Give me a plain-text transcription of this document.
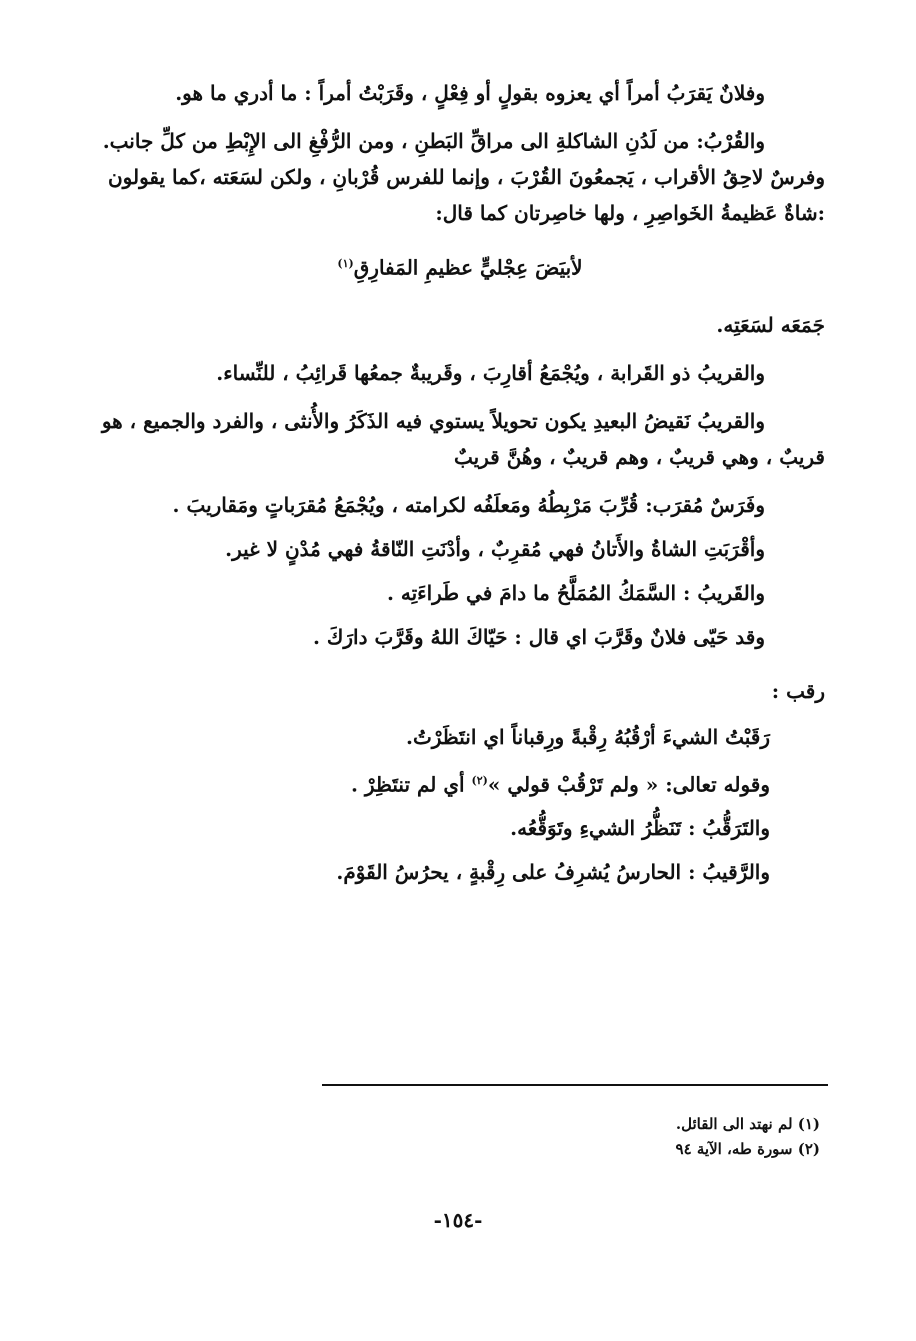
وفلانٌ يَقرَبُ أمراً أي يعزوه بقولٍ أو فِعْلٍ ، وقَرَبْتُ أمراً : ما أدري ما هو.

والقُرْبُ: من لَدُنِ الشاكلةِ الى مراقِّ البَطنِ ، ومن الرُّفْغِ الى الإِبْطِ من كلِّ جانب. وفرسٌ لاحِقُ الأقراب ، يَجمعُونَ القُرْبَ ، وإنما للفرس قُرْبانِ ، ولكن لسَعَته ،كما يقولون :شاةٌ عَظيمةُ الخَواصِرِ ، ولها خاصِرتان كما قال:

لأبيَضَ عِجْليٍّ عظيمِ المَفارِقِ$^{(١)}$

جَمَعَه لسَعَتِه.

والقريبُ ذو القَرابة ، ويُجْمَعُ أقارِبَ ، وقَريبةٌ جمعُها قَرائِبُ ، للنِّساء.

والقريبُ نَقيضُ البعيدِ يكون تحويلاً يستوي فيه الذَكَرُ والأُنثى ، والفرد والجميع ، هو قريبٌ ، وهي قريبٌ ، وهم قريبٌ ، وهُنَّ قريبٌ

وفَرَسٌ مُقرَب: قُرِّبَ مَرْبِطُهُ ومَعلَفُه لكرامته ، ويُجْمَعُ مُقرَباتٍ ومَقاريبَ .

وأقْرَبَتِ الشاةُ والأَتانُ فهي مُقرِبٌ ، وأدْنَتِ النّاقةُ فهي مُدْنٍ لا غير.

والقَريبُ : السَّمَكُ المُمَلَّحُ ما دامَ في طَراءَتِه .

وقد حَيّى فلانٌ وقَرَّبَ اي قال : حَيّاكَ اللهُ وقَرَّبَ دارَكَ .

رقب :

رَقَبْتُ الشيءَ أرْقُبُهُ رِقْبةً ورِقباناً اي انتَظَرْتُ.

وقوله تعالى: « ولم تَرْقُبْ قولي »$^{(٢)}$ أي لم تنتَظِرْ .

والتَرَقُّبُ : تَنَظُّرُ الشيءِ وتَوَقُّعُه.

والرَّقيبُ : الحارسُ يُشرِفُ على رِقْبةٍ ، يحرُسُ القَوْمَ.

(١) لم نهتد الى القائل.

(٢) سورة طه، الآية ٩٤

-١٥٤-
